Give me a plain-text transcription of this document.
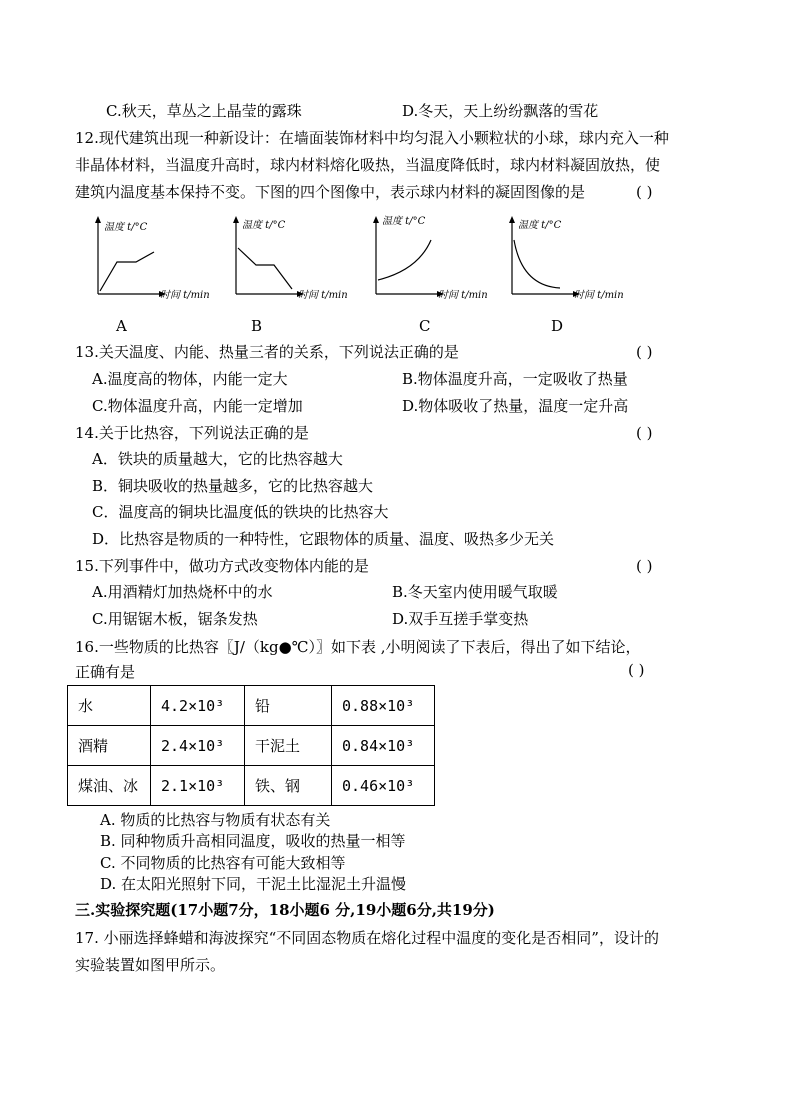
C.秋天，草丛之上晶莹的露珠	D.冬天，天上纷纷飘落的雪花
12.现代建筑出现一种新设计：在墙面装饰材料中均匀混入小颗粒状的小球，球内充入一种
非晶体材料，当温度升高时，球内材料熔化吸热，当温度降低时，球内材料凝固放热，使
建筑内温度基本保持不变。下图的四个图像中，表示球内材料的凝固图像的是	( )
温度 t/°C
时间 t/min
温度 t/°C
时间 t/min
温度 t/°C
时间 t/min
温度 t/°C
时间 t/min
A	B	C	D
13.关天温度、内能、热量三者的关系，下列说法正确的是	( )
A.温度高的物体，内能一定大	B.物体温度升高，一定吸收了热量
C.物体温度升高，内能一定增加	D.物体吸收了热量，温度一定升高
14.关于比热容，下列说法正确的是	( )
A．铁块的质量越大，它的比热容越大
B．铜块吸收的热量越多，它的比热容越大
C．温度高的铜块比温度低的铁块的比热容大
D．比热容是物质的一种特性，它跟物体的质量、温度、吸热多少无关
15.下列事件中，做功方式改变物体内能的是	( )
A.用酒精灯加热烧杯中的水	B.冬天室内使用暖气取暖
C.用锯锯木板，锯条发热	D.双手互搓手掌变热
16.一些物质的比热容〖J/（kg●℃）〗如下表 ,小明阅读了下表后，得出了如下结论，
正确有是	( )
水	4.2×10³	铅	0.88×10³
酒精	2.4×10³	干泥土	0.84×10³
煤油、冰	2.1×10³	铁、钢	0.46×10³
A. 物质的比热容与物质有状态有关
B. 同种物质升高相同温度，吸收的热量一相等
C. 不同物质的比热容有可能大致相等
D. 在太阳光照射下同，干泥土比湿泥土升温慢
三.实验探究题(17小题7分，18小题6 分,19小题6分,共19分)
17. 小丽选择蜂蜡和海波探究“不同固态物质在熔化过程中温度的变化是否相同”，设计的
实验装置如图甲所示。
